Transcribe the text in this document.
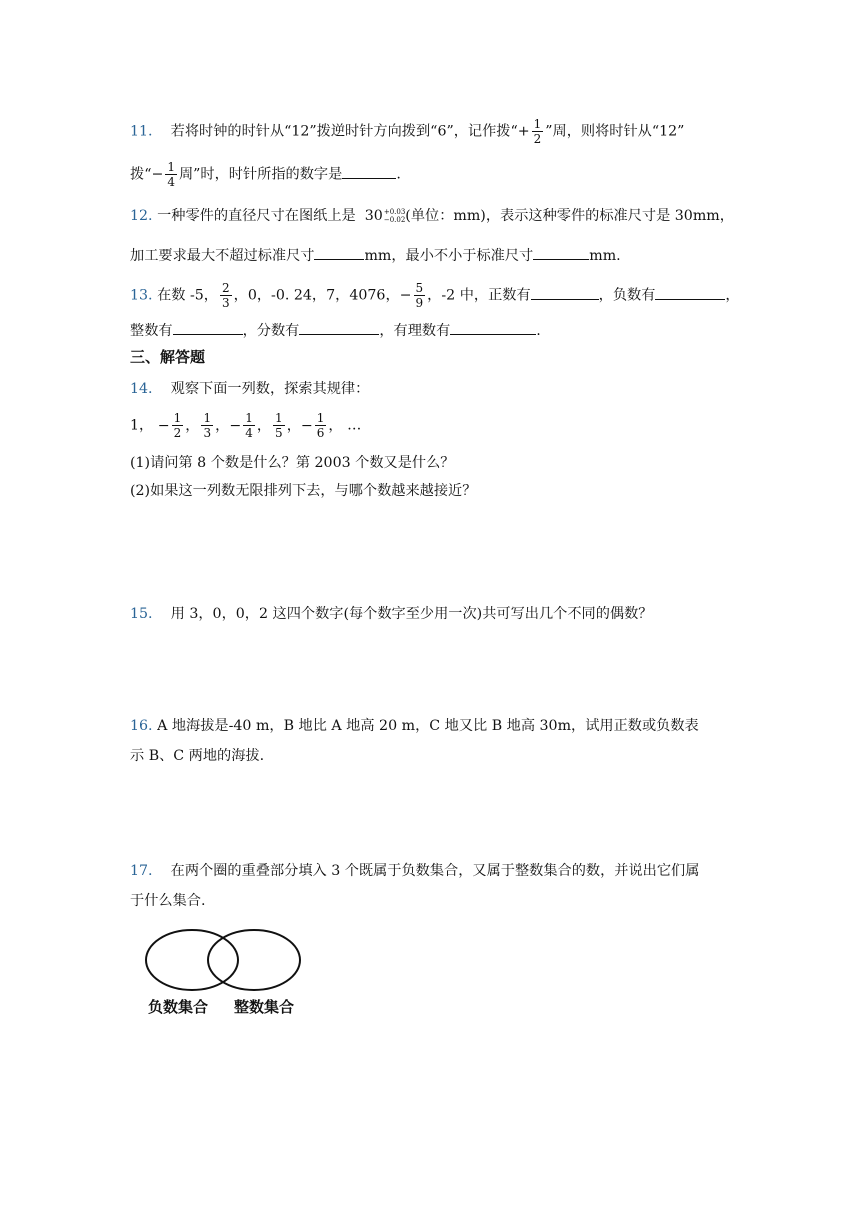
11. 若将时钟的时针从“12”拨逆时针方向拨到“6”，记作拨“+ $\frac{1}{2}$ ”周，则将时针从“12”
拨“− $\frac{1}{4}$ 周”时，时针所指的数字是	.
12. 一种零件的直径尺寸在图纸上是 30 +0.03
−0.02 (单位：mm)，表示这种零件的标准尺寸是 30mm，
加工要求最大不超过标准尺寸	mm，最小不小于标准尺寸	mm.
13. 在数 -5， $\frac{2}{3}$ ，0，-0. 24，7，4076，− $\frac{5}{9}$ ，-2 中，正数有	，负数有	，
整数有	，分数有	，有理数有	.
三、解答题
14. 观察下面一列数，探索其规律：
1， − $\frac{1}{2}$ ， $\frac{1}{3}$ ，− $\frac{1}{4}$ ， $\frac{1}{5}$ ，− $\frac{1}{6}$ ， …
(1)请问第 8 个数是什么？第 2003 个数又是什么？
(2)如果这一列数无限排列下去，与哪个数越来越接近？
15. 用 3，0，0，2 这四个数字(每个数字至少用一次)共可写出几个不同的偶数？
16. A 地海拔是-40 m，B 地比 A 地高 20 m，C 地又比 B 地高 30m，试用正数或负数表
示 B、C 两地的海拔.
17. 在两个圈的重叠部分填入 3 个既属于负数集合，又属于整数集合的数，并说出它们属
于什么集合.
负数集合 整数集合
